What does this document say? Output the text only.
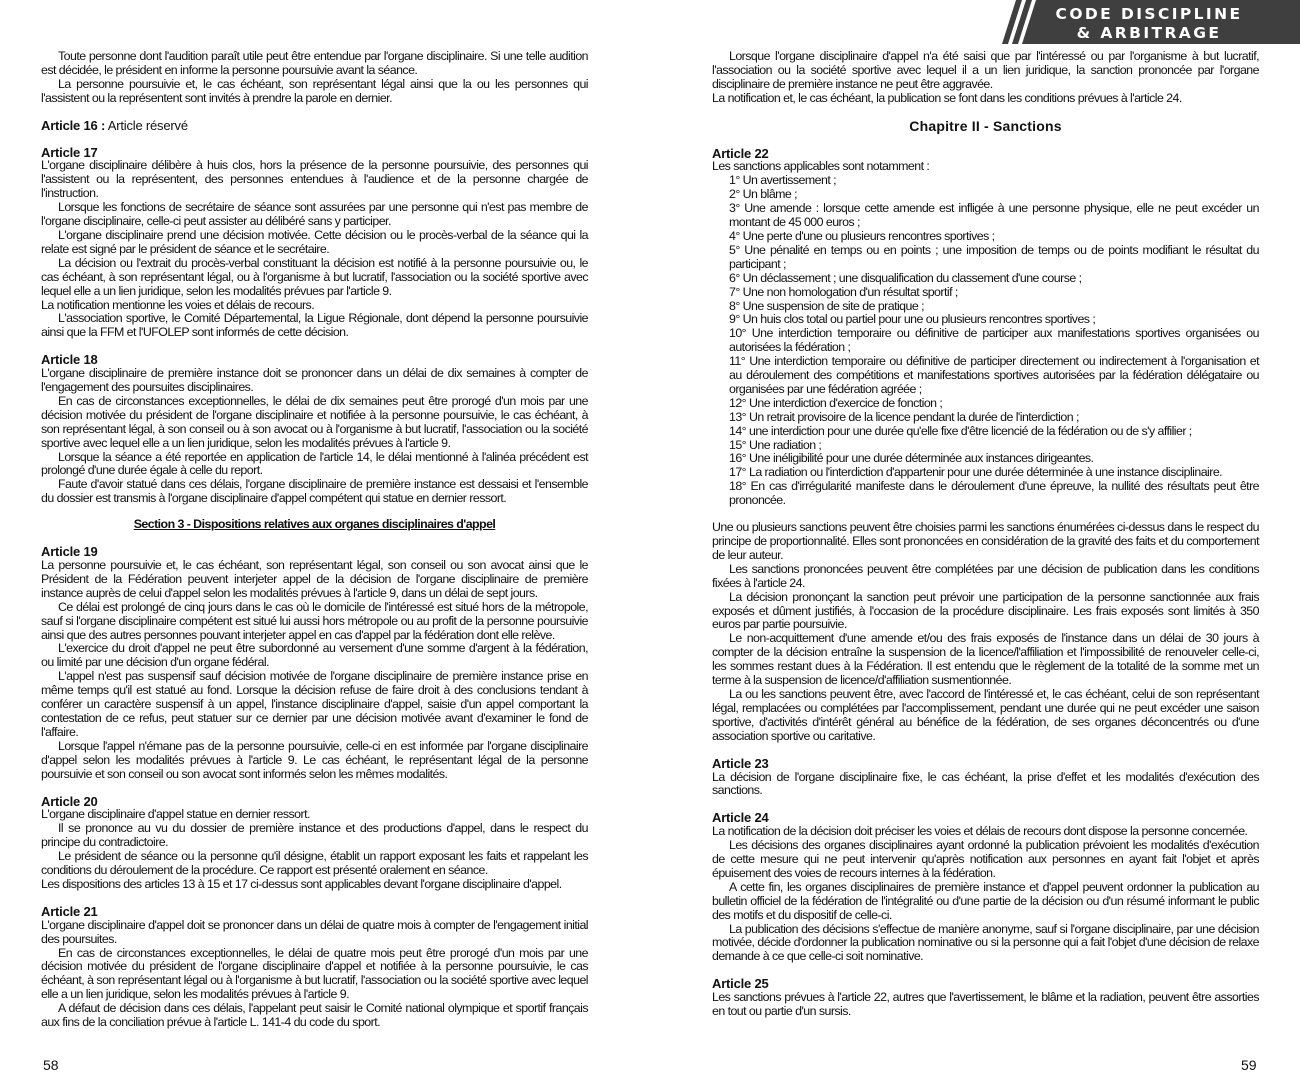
CODE DISCIPLINE
& ARBITRAGE

Toute personne dont l'audition paraît utile peut être entendue par l'organe disciplinaire. Si une telle audition est décidée, le président en informe la personne poursuivie avant la séance.

La personne poursuivie et, le cas échéant, son représentant légal ainsi que la ou les personnes qui l'assistent ou la représentent sont invités à prendre la parole en dernier.

Article 16 : Article réservé

Article 17

L'organe disciplinaire délibère à huis clos, hors la présence de la personne poursuivie, des personnes qui l'assistent ou la représentent, des personnes entendues à l'audience et de la personne chargée de l'instruction.

Lorsque les fonctions de secrétaire de séance sont assurées par une personne qui n'est pas membre de l'organe disciplinaire, celle-ci peut assister au délibéré sans y participer.

L'organe disciplinaire prend une décision motivée. Cette décision ou le procès-verbal de la séance qui la relate est signé par le président de séance et le secrétaire.

La décision ou l'extrait du procès-verbal constituant la décision est notifié à la personne poursuivie ou, le cas échéant, à son représentant légal, ou à l'organisme à but lucratif, l'association ou la société sportive avec lequel elle a un lien juridique, selon les modalités prévues par l'article 9.

La notification mentionne les voies et délais de recours.

L'association sportive, le Comité Départemental, la Ligue Régionale, dont dépend la personne poursuivie ainsi que la FFM et l'UFOLEP sont informés de cette décision.

Article 18

L'organe disciplinaire de première instance doit se prononcer dans un délai de dix semaines à compter de l'engagement des poursuites disciplinaires.

En cas de circonstances exceptionnelles, le délai de dix semaines peut être prorogé d'un mois par une décision motivée du président de l'organe disciplinaire et notifiée à la personne poursuivie, le cas échéant, à son représentant légal, à son conseil ou à son avocat ou à l'organisme à but lucratif, l'association ou la société sportive avec lequel elle a un lien juridique, selon les modalités prévues à l'article 9.

Lorsque la séance a été reportée en application de l'article 14, le délai mentionné à l'alinéa précédent est prolongé d'une durée égale à celle du report.

Faute d'avoir statué dans ces délais, l'organe disciplinaire de première instance est dessaisi et l'ensemble du dossier est transmis à l'organe disciplinaire d'appel compétent qui statue en dernier ressort.

Section 3 - Dispositions relatives aux organes disciplinaires d'appel

Article 19

La personne poursuivie et, le cas échéant, son représentant légal, son conseil ou son avocat ainsi que le Président de la Fédération peuvent interjeter appel de la décision de l'organe disciplinaire de première instance auprès de celui d'appel selon les modalités prévues à l'article 9, dans un délai de sept jours.

Ce délai est prolongé de cinq jours dans le cas où le domicile de l'intéressé est situé hors de la métropole, sauf si l'organe disciplinaire compétent est situé lui aussi hors métropole ou au profit de la personne poursuivie ainsi que des autres personnes pouvant interjeter appel en cas d'appel par la fédération dont elle relève.

L'exercice du droit d'appel ne peut être subordonné au versement d'une somme d'argent à la fédération, ou limité par une décision d'un organe fédéral.

L'appel n'est pas suspensif sauf décision motivée de l'organe disciplinaire de première instance prise en même temps qu'il est statué au fond. Lorsque la décision refuse de faire droit à des conclusions tendant à conférer un caractère suspensif à un appel, l'instance disciplinaire d'appel, saisie d'un appel comportant la contestation de ce refus, peut statuer sur ce dernier par une décision motivée avant d'examiner le fond de l'affaire.

Lorsque l'appel n'émane pas de la personne poursuivie, celle-ci en est informée par l'organe disciplinaire d'appel selon les modalités prévues à l'article 9. Le cas échéant, le représentant légal de la personne poursuivie et son conseil ou son avocat sont informés selon les mêmes modalités.

Article 20

L'organe disciplinaire d'appel statue en dernier ressort.

Il se prononce au vu du dossier de première instance et des productions d'appel, dans le respect du principe du contradictoire.

Le président de séance ou la personne qu'il désigne, établit un rapport exposant les faits et rappelant les conditions du déroulement de la procédure. Ce rapport est présenté oralement en séance.

Les dispositions des articles 13 à 15 et 17 ci-dessus sont applicables devant l'organe disciplinaire d'appel.

Article 21

L'organe disciplinaire d'appel doit se prononcer dans un délai de quatre mois à compter de l'engagement initial des poursuites.

En cas de circonstances exceptionnelles, le délai de quatre mois peut être prorogé d'un mois par une décision motivée du président de l'organe disciplinaire d'appel et notifiée à la personne poursuivie, le cas échéant, à son représentant légal ou à l'organisme à but lucratif, l'association ou la société sportive avec lequel elle a un lien juridique, selon les modalités prévues à l'article 9.

A défaut de décision dans ces délais, l'appelant peut saisir le Comité national olympique et sportif français aux fins de la conciliation prévue à l'article L. 141-4 du code du sport.

Lorsque l'organe disciplinaire d'appel n'a été saisi que par l'intéressé ou par l'organisme à but lucratif, l'association ou la société sportive avec lequel il a un lien juridique, la sanction prononcée par l'organe disciplinaire de première instance ne peut être aggravée.

La notification et, le cas échéant, la publication se font dans les conditions prévues à l'article 24.

Chapitre II - Sanctions

Article 22

Les sanctions applicables sont notamment :

1° Un avertissement ;

2° Un blâme ;

3° Une amende : lorsque cette amende est infligée à une personne physique, elle ne peut excéder un montant de 45 000 euros ;

4° Une perte d'une ou plusieurs rencontres sportives ;

5° Une pénalité en temps ou en points ; une imposition de temps ou de points modifiant le résultat du participant ;

6° Un déclassement ; une disqualification du classement d'une course ;

7° Une non homologation d'un résultat sportif ;

8° Une suspension de site de pratique ;

9° Un huis clos total ou partiel pour une ou plusieurs rencontres sportives ;

10° Une interdiction temporaire ou définitive de participer aux manifestations sportives organisées ou autorisées la fédération ;

11° Une interdiction temporaire ou définitive de participer directement ou indirectement à l'organisation et au déroulement des compétitions et manifestations sportives autorisées par la fédération délégataire ou organisées par une fédération agréée ;

12° Une interdiction d'exercice de fonction ;

13° Un retrait provisoire de la licence pendant la durée de l'interdiction ;

14° une interdiction pour une durée qu'elle fixe d'être licencié de la fédération ou de s'y affilier ;

15° Une radiation ;

16° Une inéligibilité pour une durée déterminée aux instances dirigeantes.

17° La radiation ou l'interdiction d'appartenir pour une durée déterminée à une instance disciplinaire.

18° En cas d'irrégularité manifeste dans le déroulement d'une épreuve, la nullité des résultats peut être prononcée.

Une ou plusieurs sanctions peuvent être choisies parmi les sanctions énumérées ci-dessus dans le respect du principe de proportionnalité. Elles sont prononcées en considération de la gravité des faits et du comportement de leur auteur.

Les sanctions prononcées peuvent être complétées par une décision de publication dans les conditions fixées à l'article 24.

La décision prononçant la sanction peut prévoir une participation de la personne sanctionnée aux frais exposés et dûment justifiés, à l'occasion de la procédure disciplinaire. Les frais exposés sont limités à 350 euros par partie poursuivie.

Le non-acquittement d'une amende et/ou des frais exposés de l'instance dans un délai de 30 jours à compter de la décision entraîne la suspension de la licence/l'affiliation et l'impossibilité de renouveler celle-ci, les sommes restant dues à la Fédération. Il est entendu que le règlement de la totalité de la somme met un terme à la suspension de licence/d'affiliation susmentionnée.

La ou les sanctions peuvent être, avec l'accord de l'intéressé et, le cas échéant, celui de son représentant légal, remplacées ou complétées par l'accomplissement, pendant une durée qui ne peut excéder une saison sportive, d'activités d'intérêt général au bénéfice de la fédération, de ses organes déconcentrés ou d'une association sportive ou caritative.

Article 23

La décision de l'organe disciplinaire fixe, le cas échéant, la prise d'effet et les modalités d'exécution des sanctions.

Article 24

La notification de la décision doit préciser les voies et délais de recours dont dispose la personne concernée.

Les décisions des organes disciplinaires ayant ordonné la publication prévoient les modalités d'exécution de cette mesure qui ne peut intervenir qu'après notification aux personnes en ayant fait l'objet et après épuisement des voies de recours internes à la fédération.

A cette fin, les organes disciplinaires de première instance et d'appel peuvent ordonner la publication au bulletin officiel de la fédération de l'intégralité ou d'une partie de la décision ou d'un résumé informant le public des motifs et du dispositif de celle-ci.

La publication des décisions s'effectue de manière anonyme, sauf si l'organe disciplinaire, par une décision motivée, décide d'ordonner la publication nominative ou si la personne qui a fait l'objet d'une décision de relaxe demande à ce que celle-ci soit nominative.

Article 25

Les sanctions prévues à l'article 22, autres que l'avertissement, le blâme et la radiation, peuvent être assorties en tout ou partie d'un sursis.

58	59
